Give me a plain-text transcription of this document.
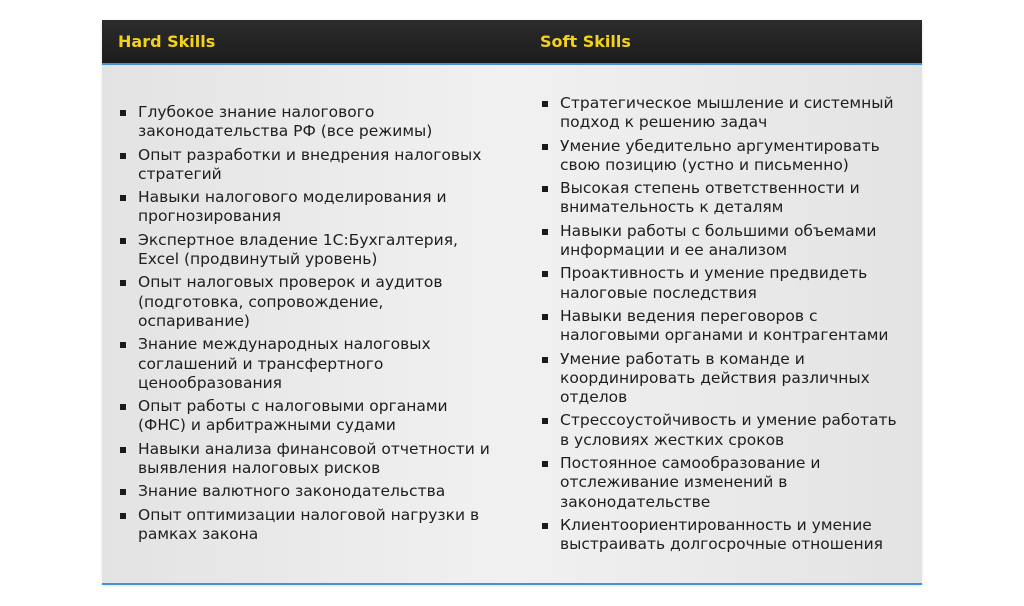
Hard Skills	Soft Skills
Глубокое знание налогового законодательства РФ (все режимы)
Опыт разработки и внедрения налоговых стратегий
Навыки налогового моделирования и прогнозирования
Экспертное владение 1С:Бухгалтерия, Excel (продвинутый уровень)
Опыт налоговых проверок и аудитов (подготовка, сопровождение, оспаривание)
Знание международных налоговых соглашений и трансфертного ценообразования
Опыт работы с налоговыми органами (ФНС) и арбитражными судами
Навыки анализа финансовой отчетности и выявления налоговых рисков
Знание валютного законодательства
Опыт оптимизации налоговой нагрузки в рамках закона
Стратегическое мышление и системный подход к решению задач
Умение убедительно аргументировать свою позицию (устно и письменно)
Высокая степень ответственности и внимательность к деталям
Навыки работы с большими объемами информации и ее анализом
Проактивность и умение предвидеть налоговые последствия
Навыки ведения переговоров с налоговыми органами и контрагентами
Умение работать в команде и координировать действия различных отделов
Стрессоустойчивость и умение работать в условиях жестких сроков
Постоянное самообразование и отслеживание изменений в законодательстве
Клиентоориентированность и умение выстраивать долгосрочные отношения
